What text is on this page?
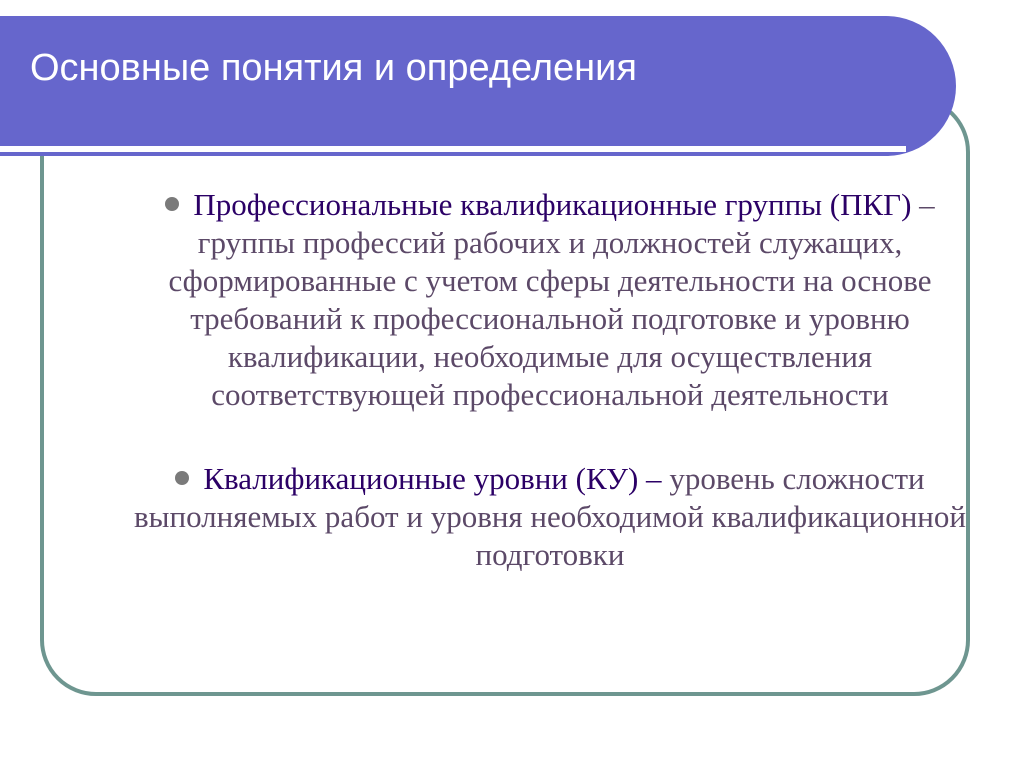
Основные понятия и определения
Профессиональные квалификационные группы (ПКГ) – группы профессий рабочих и должностей служащих, сформированные с учетом сферы деятельности на основе требований к профессиональной подготовке и уровню квалификации, необходимые для осуществления соответствующей профессиональной деятельности
Квалификационные уровни (КУ) – уровень сложности выполняемых работ и уровня необходимой квалификационной подготовки
